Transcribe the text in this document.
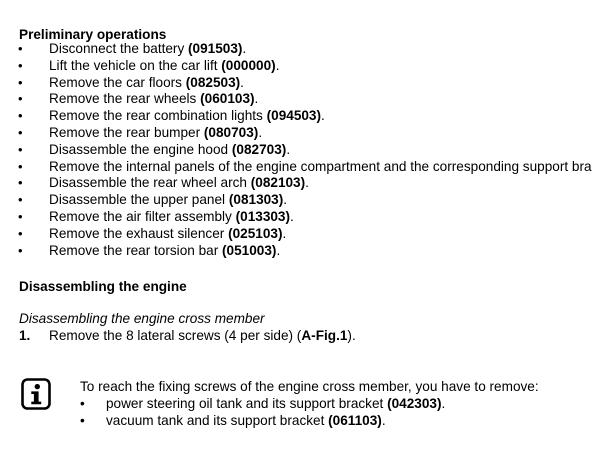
Preliminary operations
• Disconnect the battery (091503).
• Lift the vehicle on the car lift (000000).
• Remove the car floors (082503).
• Remove the rear wheels (060103).
• Remove the rear combination lights (094503).
• Remove the rear bumper (080703).
• Disassemble the engine hood (082703).
• Remove the internal panels of the engine compartment and the corresponding support bra
• Disassemble the rear wheel arch (082103).
• Disassemble the upper panel (081303).
• Remove the air filter assembly (013303).
• Remove the exhaust silencer (025103).
• Remove the rear torsion bar (051003).
Disassembling the engine
Disassembling the engine cross member
1. Remove the 8 lateral screws (4 per side) (A-Fig.1).
To reach the fixing screws of the engine cross member, you have to remove:
• power steering oil tank and its support bracket (042303).
• vacuum tank and its support bracket (061103).
